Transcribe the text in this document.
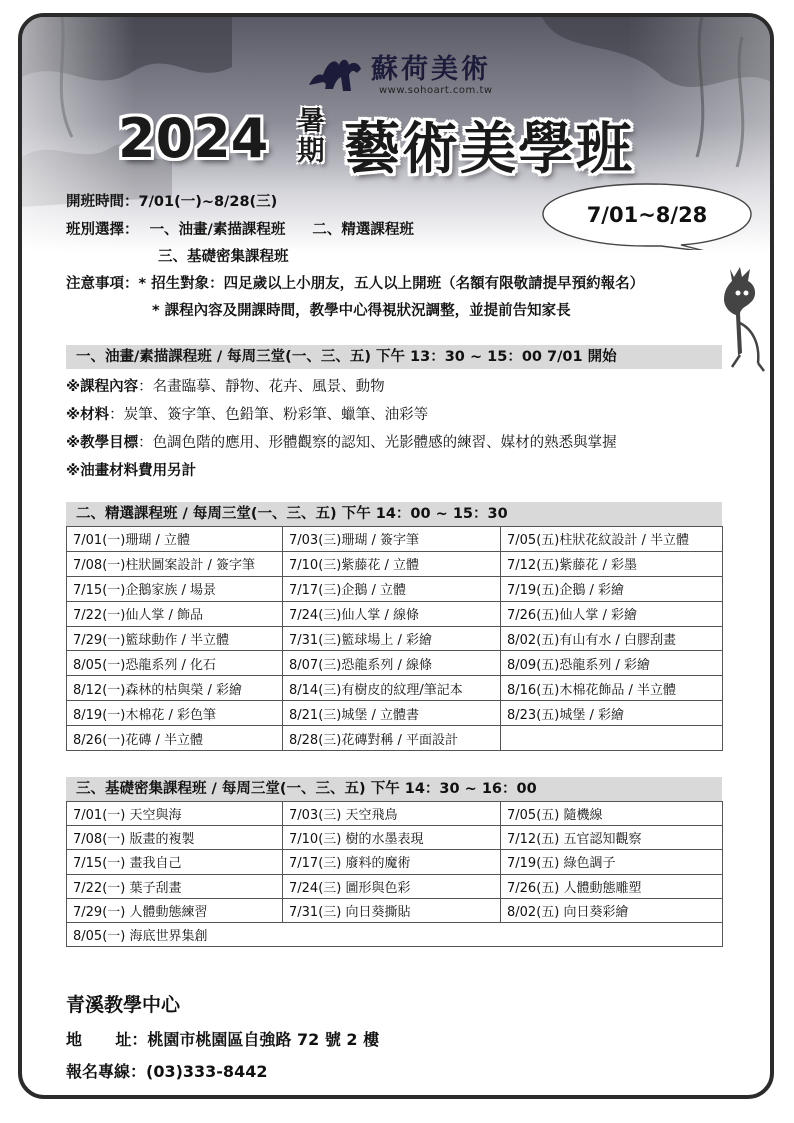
蘇荷美術
www.sohoart.com.tw
2024 暑
期 藝術美學班
開班時間：7/01(一)~8/28(三)
班別選擇： 一、油畫/素描課程班 二、精選課程班
三、基礎密集課程班
注意事項：* 招生對象：四足歲以上小朋友，五人以上開班（名額有限敬請提早預約報名）
* 課程內容及開課時間，教學中心得視狀況調整，並提前告知家長
7/01~8/28
一、油畫/素描課程班 / 每周三堂(一、三、五) 下午 13：30 ~ 15：00 7/01 開始
※課程內容：名畫臨摹、靜物、花卉、風景、動物
※材料：炭筆、簽字筆、色鉛筆、粉彩筆、蠟筆、油彩等
※教學目標：色調色階的應用、形體觀察的認知、光影體感的練習、媒材的熟悉與掌握
※油畫材料費用另計
二、精選課程班 / 每周三堂(一、三、五) 下午 14：00 ~ 15：30
7/01(一)珊瑚 / 立體	7/03(三)珊瑚 / 簽字筆	7/05(五)柱狀花紋設計 / 半立體
7/08(一)柱狀圖案設計 / 簽字筆	7/10(三)紫藤花 / 立體	7/12(五)紫藤花 / 彩墨
7/15(一)企鵝家族 / 場景	7/17(三)企鵝 / 立體	7/19(五)企鵝 / 彩繪
7/22(一)仙人掌 / 飾品	7/24(三)仙人掌 / 線條	7/26(五)仙人掌 / 彩繪
7/29(一)籃球動作 / 半立體	7/31(三)籃球場上 / 彩繪	8/02(五)有山有水 / 白膠刮畫
8/05(一)恐龍系列 / 化石	8/07(三)恐龍系列 / 線條	8/09(五)恐龍系列 / 彩繪
8/12(一)森林的枯與榮 / 彩繪	8/14(三)有樹皮的紋理/筆記本	8/16(五)木棉花飾品 / 半立體
8/19(一)木棉花 / 彩色筆	8/21(三)城堡 / 立體書	8/23(五)城堡 / 彩繪
8/26(一)花磚 / 半立體	8/28(三)花磚對稱 / 平面設計	
三、基礎密集課程班 / 每周三堂(一、三、五) 下午 14：30 ~ 16：00
7/01(一) 天空與海	7/03(三) 天空飛鳥	7/05(五) 隨機線
7/08(一) 版畫的複製	7/10(三) 樹的水墨表現	7/12(五) 五官認知觀察
7/15(一) 畫我自己	7/17(三) 廢料的魔術	7/19(五) 綠色調子
7/22(一) 葉子刮畫	7/24(三) 圖形與色彩	7/26(五) 人體動態雕塑
7/29(一) 人體動態練習	7/31(三) 向日葵撕貼	8/02(五) 向日葵彩繪
8/05(一) 海底世界集創		
青溪教學中心
地      址：桃園市桃園區自強路 72 號 2 樓
報名專線：(03)333-8442
